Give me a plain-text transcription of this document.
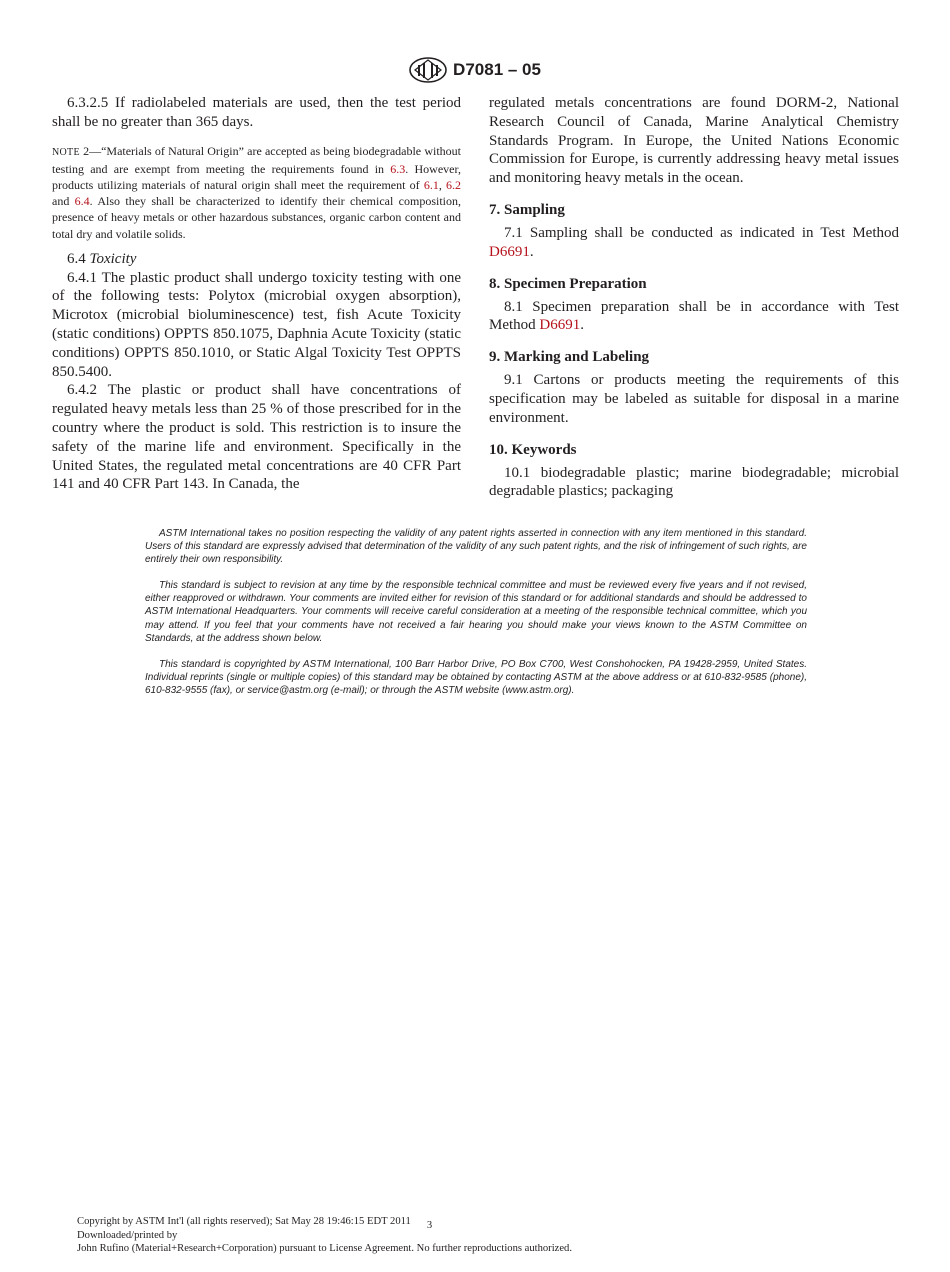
D7081 – 05

6.3.2.5 If radiolabeled materials are used, then the test period shall be no greater than 365 days.

NOTE 2—“Materials of Natural Origin” are accepted as being biodegradable without testing and are exempt from meeting the requirements found in 6.3. However, products utilizing materials of natural origin shall meet the requirement of 6.1, 6.2 and 6.4. Also they shall be characterized to identify their chemical composition, presence of heavy metals or other hazardous substances, organic carbon content and total dry and volatile solids.

6.4 Toxicity

6.4.1 The plastic product shall undergo toxicity testing with one of the following tests: Polytox (microbial oxygen absorption), Microtox (microbial bioluminescence) test, fish Acute Toxicity (static conditions) OPPTS 850.1075, Daphnia Acute Toxicity (static conditions) OPPTS 850.1010, or Static Algal Toxicity Test OPPTS 850.5400.

6.4.2 The plastic or product shall have concentrations of regulated heavy metals less than 25 % of those prescribed for in the country where the product is sold. This restriction is to insure the safety of the marine life and environment. Specifically in the United States, the regulated metal concentrations are 40 CFR Part 141 and 40 CFR Part 143. In Canada, the

regulated metals concentrations are found DORM-2, National Research Council of Canada, Marine Analytical Chemistry Standards Program. In Europe, the United Nations Economic Commission for Europe, is currently addressing heavy metal issues and monitoring heavy metals in the ocean.

7. Sampling

7.1 Sampling shall be conducted as indicated in Test Method D6691.

8. Specimen Preparation

8.1 Specimen preparation shall be in accordance with Test Method D6691.

9. Marking and Labeling

9.1 Cartons or products meeting the requirements of this specification may be labeled as suitable for disposal in a marine environment.

10. Keywords

10.1 biodegradable plastic; marine biodegradable; microbial degradable plastics; packaging

ASTM International takes no position respecting the validity of any patent rights asserted in connection with any item mentioned in this standard. Users of this standard are expressly advised that determination of the validity of any such patent rights, and the risk of infringement of such rights, are entirely their own responsibility.

This standard is subject to revision at any time by the responsible technical committee and must be reviewed every five years and if not revised, either reapproved or withdrawn. Your comments are invited either for revision of this standard or for additional standards and should be addressed to ASTM International Headquarters. Your comments will receive careful consideration at a meeting of the responsible technical committee, which you may attend. If you feel that your comments have not received a fair hearing you should make your views known to the ASTM Committee on Standards, at the address shown below.

This standard is copyrighted by ASTM International, 100 Barr Harbor Drive, PO Box C700, West Conshohocken, PA 19428-2959, United States. Individual reprints (single or multiple copies) of this standard may be obtained by contacting ASTM at the above address or at 610-832-9585 (phone), 610-832-9555 (fax), or service@astm.org (e-mail); or through the ASTM website (www.astm.org).

Copyright by ASTM Int'l (all rights reserved); Sat May 28 19:46:15 EDT 2011 3
Downloaded/printed by
John Rufino (Material+Research+Corporation) pursuant to License Agreement. No further reproductions authorized.
